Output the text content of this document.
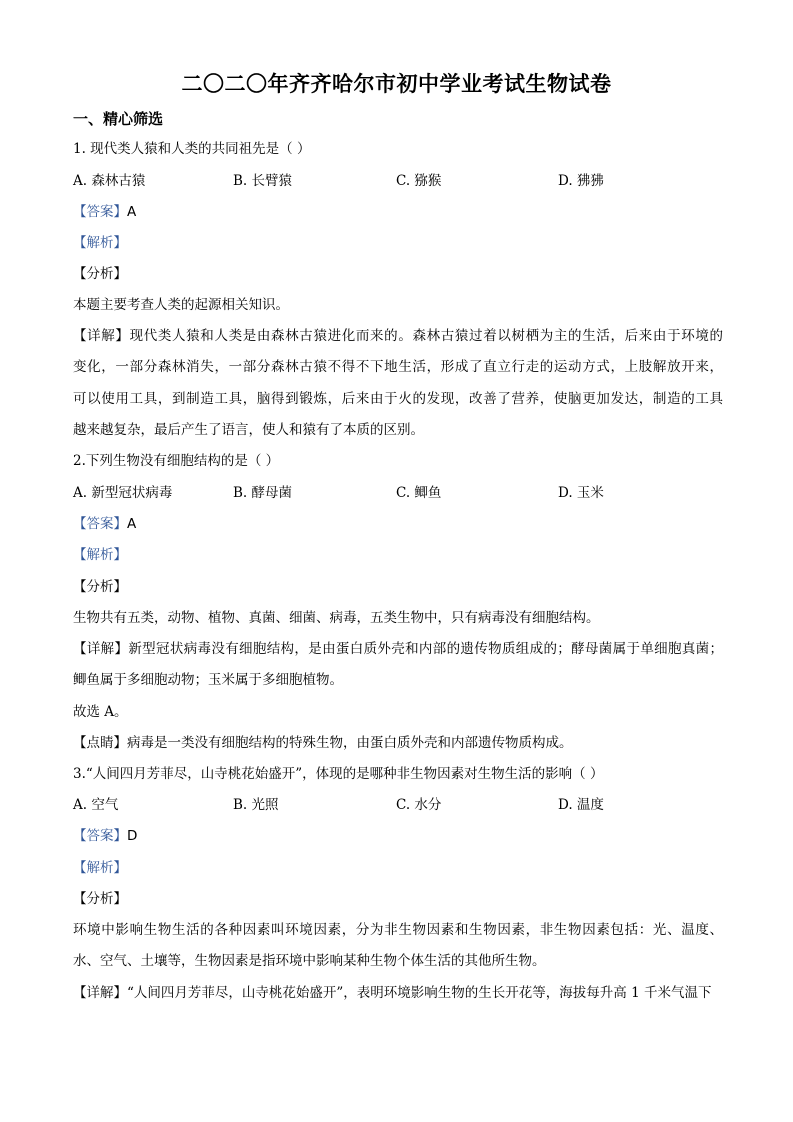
二〇二〇年齐齐哈尔市初中学业考试生物试卷
一、精心筛选
1. 现代类人猿和人类的共同祖先是（ ）
A. 森林古猿	B. 长臂猿	C. 猕猴	D. 狒狒
【答案】A
【解析】
【分析】
本题主要考查人类的起源相关知识。
【详解】现代类人猿和人类是由森林古猿进化而来的。森林古猿过着以树栖为主的生活，后来由于环境的
变化，一部分森林消失，一部分森林古猿不得不下地生活，形成了直立行走的运动方式，上肢解放开来，
可以使用工具，到制造工具，脑得到锻炼，后来由于火的发现，改善了营养，使脑更加发达，制造的工具
越来越复杂，最后产生了语言，使人和猿有了本质的区别。
2.下列生物没有细胞结构的是（ ）
A. 新型冠状病毒	B. 酵母菌	C. 鲫鱼	D. 玉米
【答案】A
【解析】
【分析】
生物共有五类，动物、植物、真菌、细菌、病毒，五类生物中，只有病毒没有细胞结构。
【详解】新型冠状病毒没有细胞结构，是由蛋白质外壳和内部的遗传物质组成的；酵母菌属于单细胞真菌；
鲫鱼属于多细胞动物；玉米属于多细胞植物。
故选 A。
【点睛】病毒是一类没有细胞结构的特殊生物，由蛋白质外壳和内部遗传物质构成。
3.“人间四月芳菲尽，山寺桃花始盛开”，体现的是哪种非生物因素对生物生活的影响（ ）
A. 空气	B. 光照	C. 水分	D. 温度
【答案】D
【解析】
【分析】
环境中影响生物生活的各种因素叫环境因素，分为非生物因素和生物因素，非生物因素包括：光、温度、
水、空气、土壤等，生物因素是指环境中影响某种生物个体生活的其他所生物。
【详解】“人间四月芳菲尽，山寺桃花始盛开”，表明环境影响生物的生长开花等，海拔每升高 1 千米气温下
